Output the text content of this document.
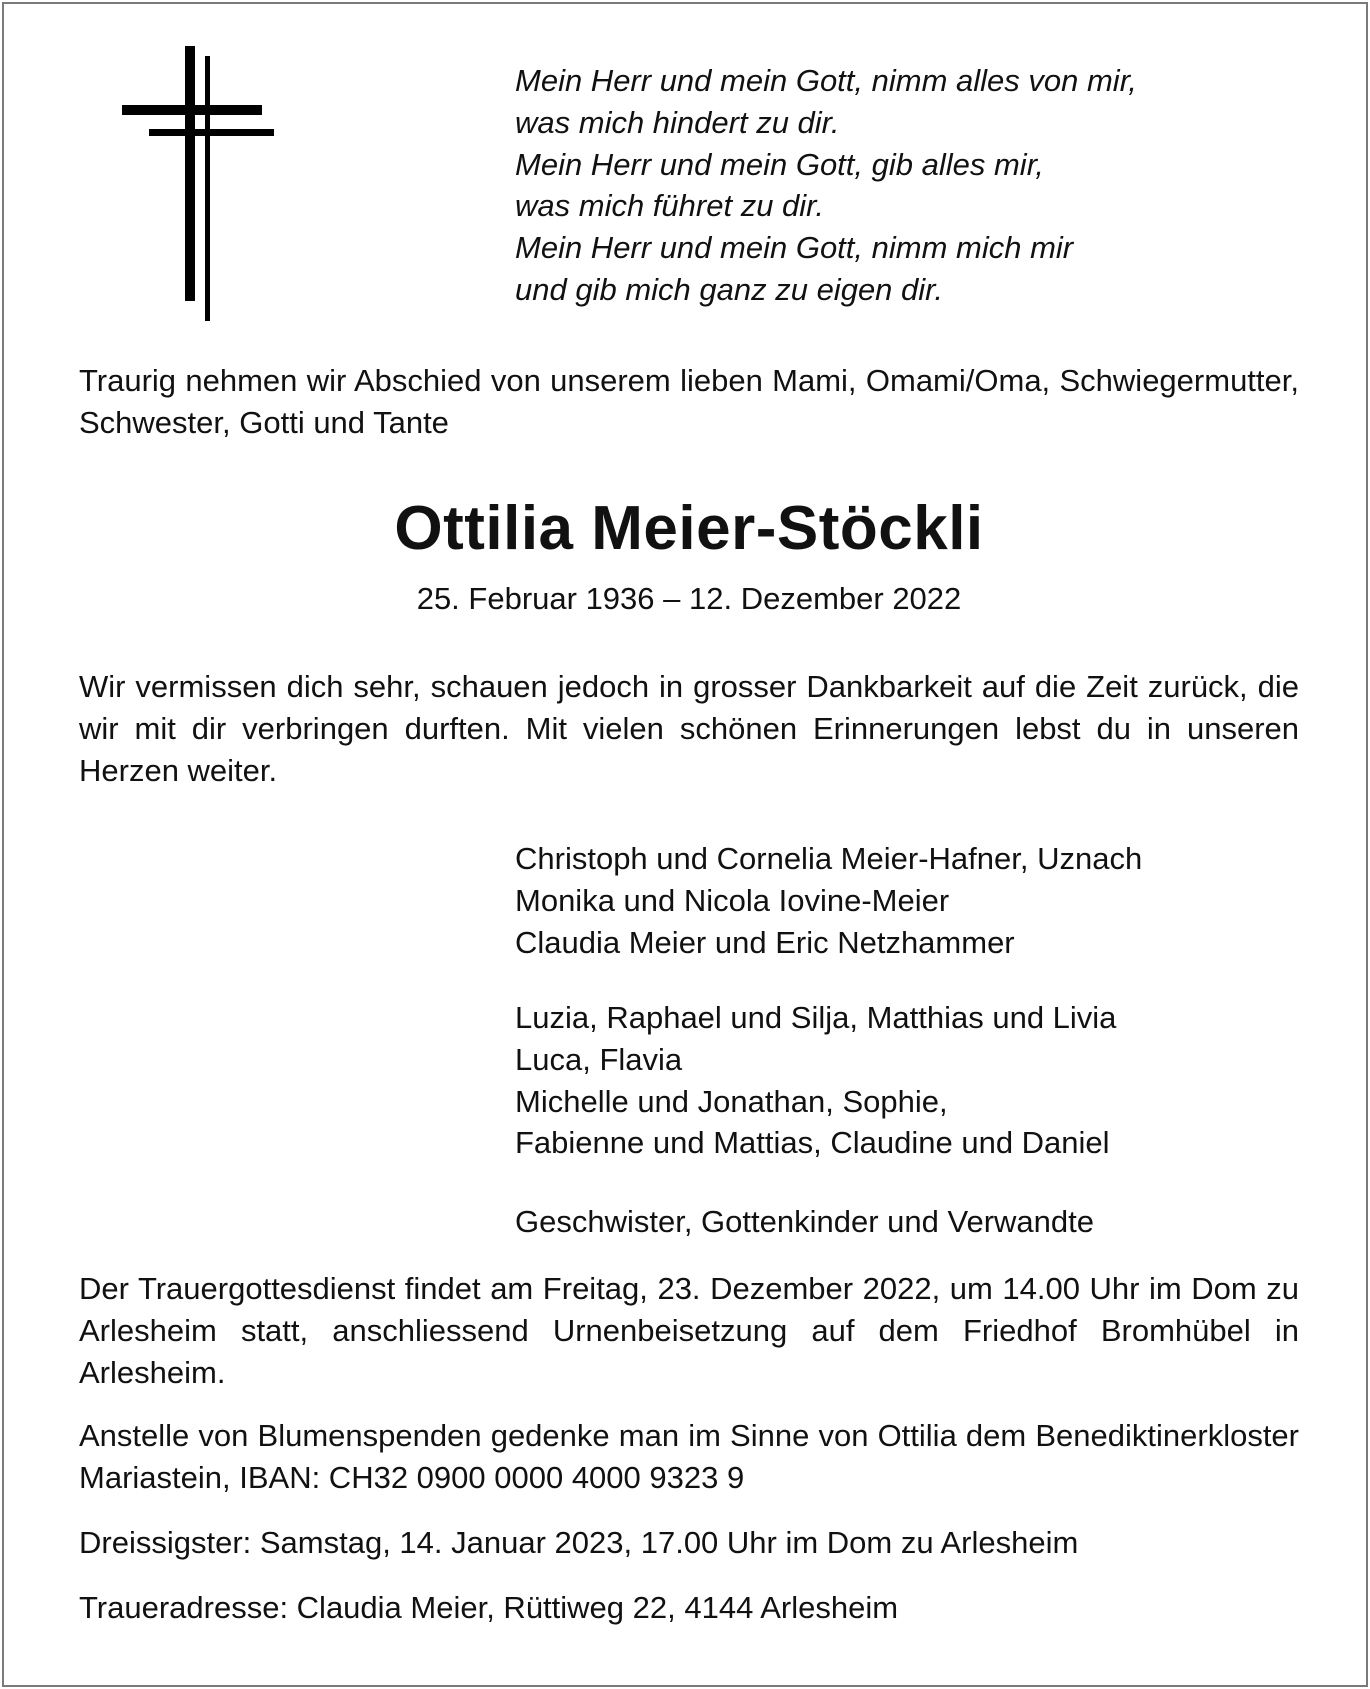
Mein Herr und mein Gott, nimm alles von mir,
was mich hindert zu dir.
Mein Herr und mein Gott, gib alles mir,
was mich führet zu dir.
Mein Herr und mein Gott, nimm mich mir
und gib mich ganz zu eigen dir.
Traurig nehmen wir Abschied von unserem lieben Mami, Omami/Oma, Schwiegermutter, Schwester, Gotti und Tante
Ottilia Meier-Stöckli
25. Februar 1936 – 12. Dezember 2022
Wir vermissen dich sehr, schauen jedoch in grosser Dankbarkeit auf die Zeit zurück, die wir mit dir verbringen durften. Mit vielen schönen Erinnerungen lebst du in unseren Herzen weiter.
Christoph und Cornelia Meier-Hafner, Uznach
Monika und Nicola Iovine-Meier
Claudia Meier und Eric Netzhammer
Luzia, Raphael und Silja, Matthias und Livia
Luca, Flavia
Michelle und Jonathan, Sophie,
Fabienne und Mattias, Claudine und Daniel
Geschwister, Gottenkinder und Verwandte
Der Trauergottesdienst findet am Freitag, 23. Dezember 2022, um 14.00 Uhr im Dom zu Arlesheim statt, anschliessend Urnenbeisetzung auf dem Friedhof Bromhübel in Arlesheim.
Anstelle von Blumenspenden gedenke man im Sinne von Ottilia dem Benediktinerkloster Mariastein, IBAN: CH32 0900 0000 4000 9323 9
Dreissigster: Samstag, 14. Januar 2023, 17.00 Uhr im Dom zu Arlesheim
Traueradresse: Claudia Meier, Rüttiweg 22, 4144 Arlesheim
